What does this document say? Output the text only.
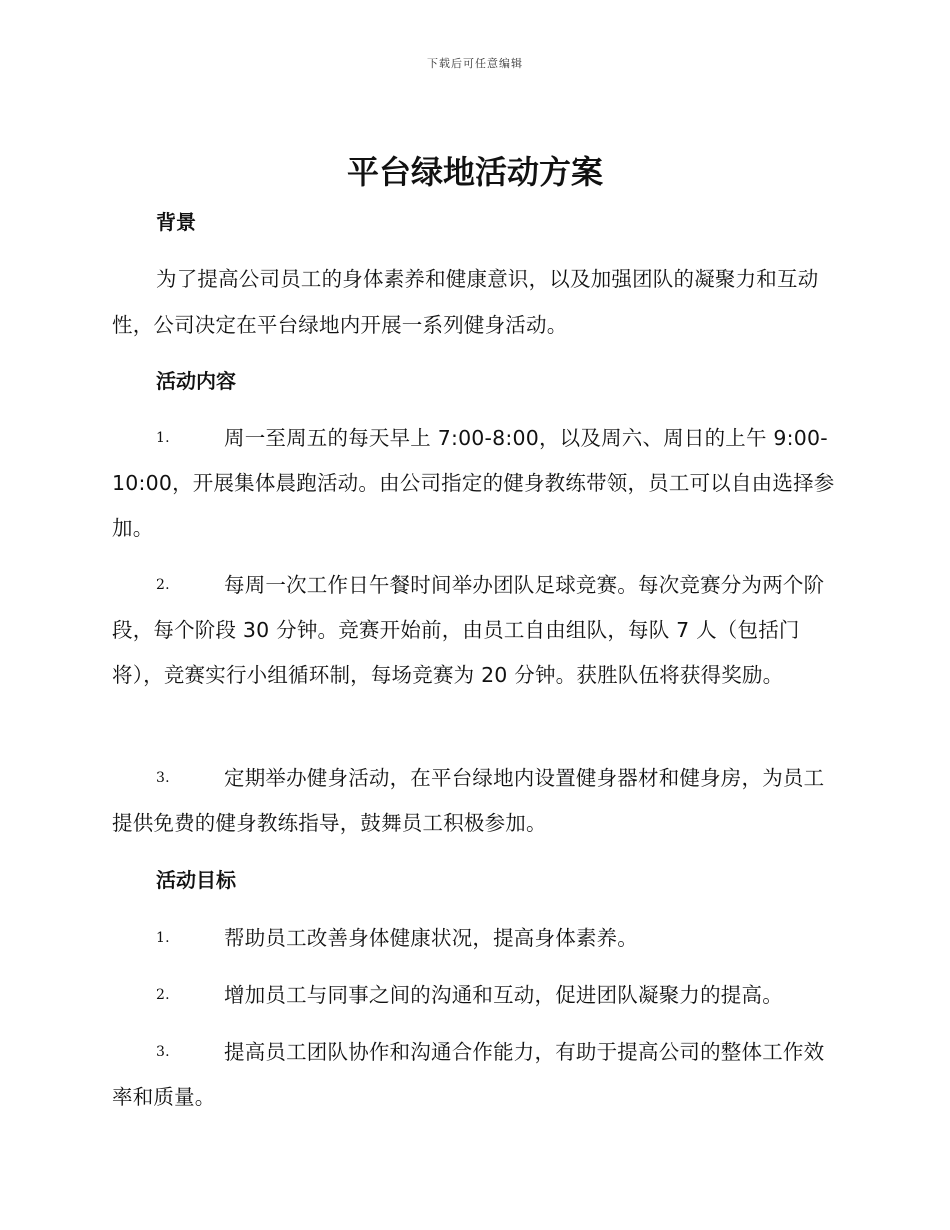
下载后可任意编辑
平台绿地活动方案
背景

为了提高公司员工的身体素养和健康意识，以及加强团队的凝聚力和互动性，公司决定在平台绿地内开展一系列健身活动。

活动内容
1.	周一至周五的每天早上 7:00-8:00，以及周六、周日的上午 9:00-10:00，开展集体晨跑活动。由公司指定的健身教练带领，员工可以自由选择参加。
2.	每周一次工作日午餐时间举办团队足球竞赛。每次竞赛分为两个阶段，每个阶段 30 分钟。竞赛开始前，由员工自由组队，每队 7 人（包括门将），竞赛实行小组循环制，每场竞赛为 20 分钟。获胜队伍将获得奖励。
3.	定期举办健身活动，在平台绿地内设置健身器材和健身房，为员工提供免费的健身教练指导，鼓舞员工积极参加。
活动目标
1.	帮助员工改善身体健康状况，提高身体素养。
2.	增加员工与同事之间的沟通和互动，促进团队凝聚力的提高。
3.	提高员工团队协作和沟通合作能力，有助于提高公司的整体工作效率和质量。
